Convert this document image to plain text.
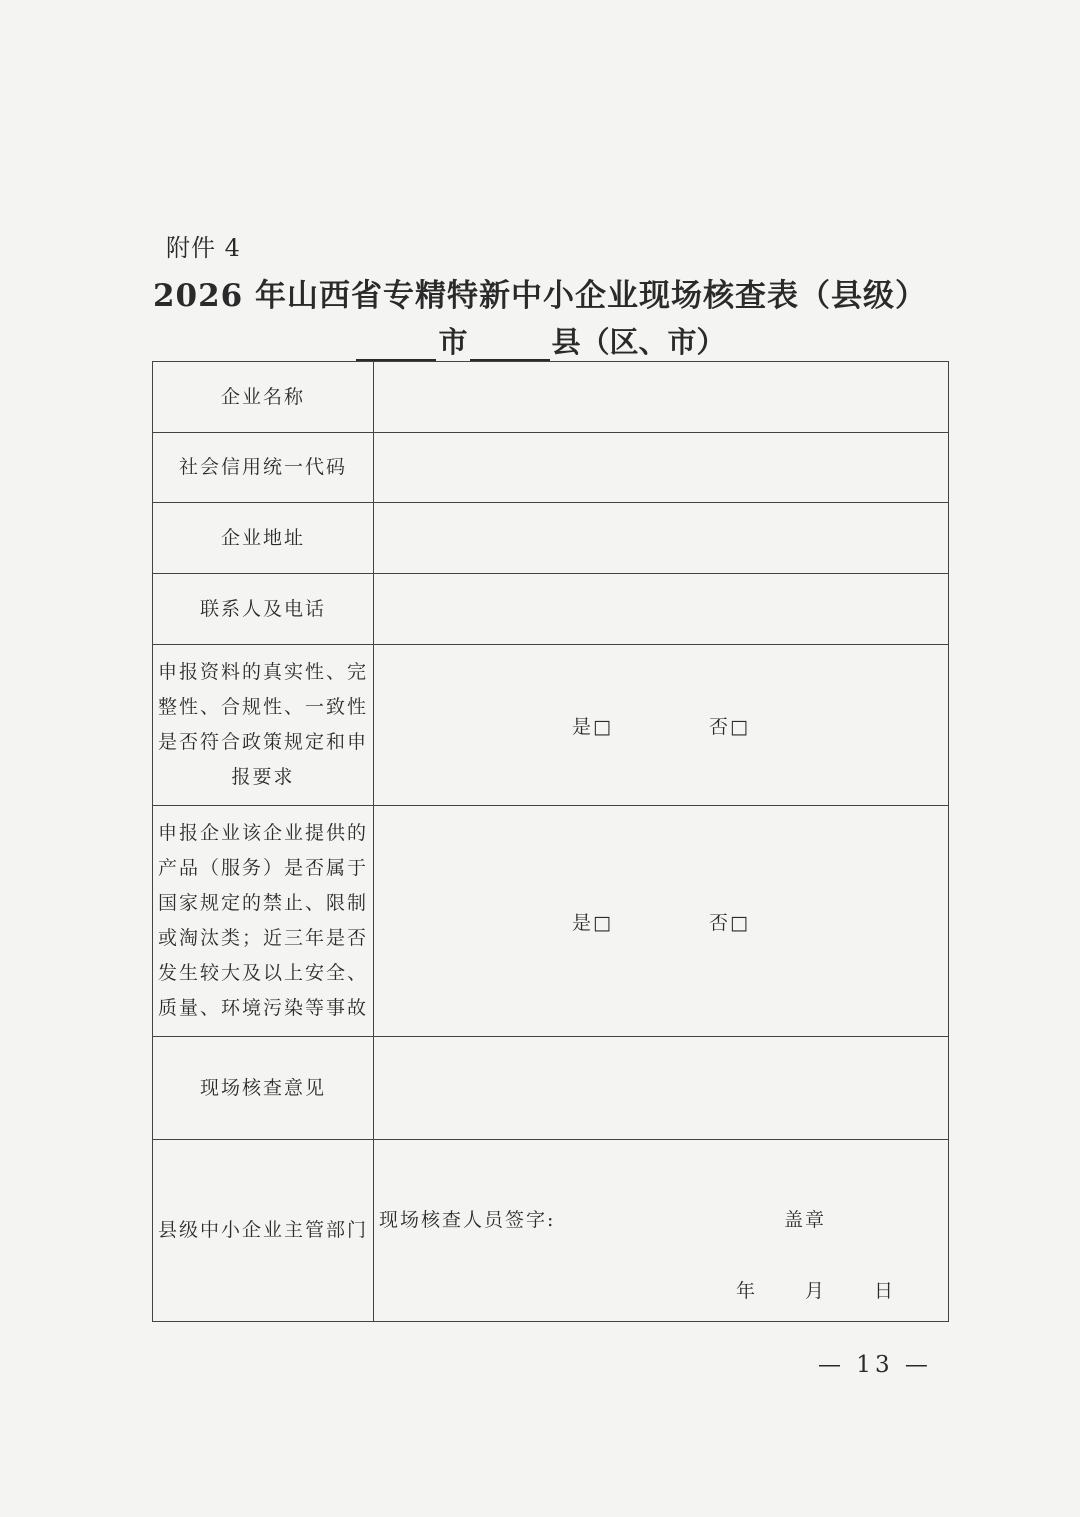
附件 4
2026 年山西省专精特新中小企业现场核查表（县级）
市	县（区、市）
企业名称	
社会信用统一代码	
企业地址	
联系人及电话	
申报资料的真实性、完整性、合规性、一致性是否符合政策规定和申报要求	是□ 否□
申报企业该企业提供的产品（服务）是否属于国家规定的禁止、限制或淘汰类；近三年是否发生较大及以上安全、质量、环境污染等事故	是□ 否□
现场核查意见	
县级中小企业主管部门	现场核查人员签字: 盖章
年 月 日
— 13 —
